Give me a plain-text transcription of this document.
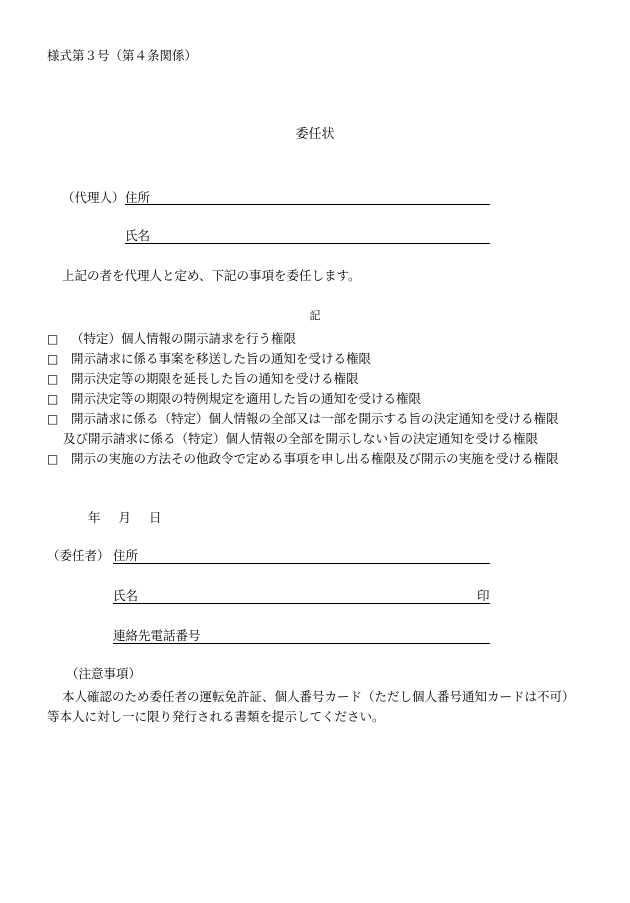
様式第３号（第４条関係）
委任状
（代理人） 住所
氏名
上記の者を代理人と定め、下記の事項を委任します。
記
□	（特定）個人情報の開示請求を行う権限
□	開示請求に係る事案を移送した旨の通知を受ける権限
□	開示決定等の期限を延長した旨の通知を受ける権限
□	開示決定等の期限の特例規定を適用した旨の通知を受ける権限
□	開示請求に係る（特定）個人情報の全部又は一部を開示する旨の決定通知を受ける権限
及び開示請求に係る（特定）個人情報の全部を開示しない旨の決定通知を受ける権限
□	開示の実施の方法その他政令で定める事項を申し出る権限及び開示の実施を受ける権限
年 月 日
（委任者） 住所
氏名	印
連絡先電話番号
（注意事項）
本人確認のため委任者の運転免許証、個人番号カード（ただし個人番号通知カードは不可）
等本人に対し一に限り発行される書類を提示してください。
